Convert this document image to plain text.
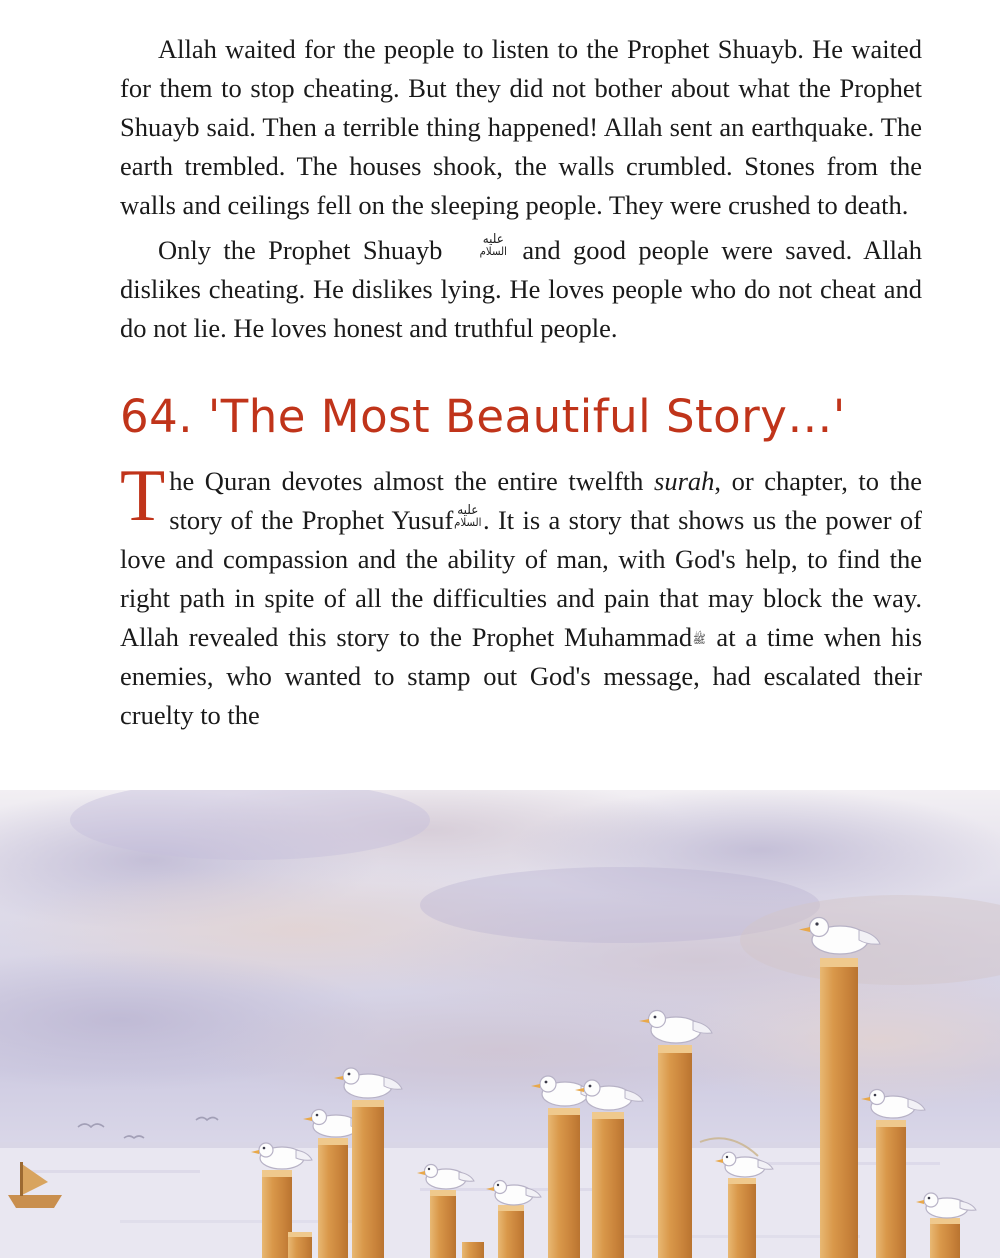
Allah waited for the people to listen to the Prophet Shuayb. He waited for them to stop cheating. But they did not bother about what the Prophet Shuayb said. Then a terrible thing happened! Allah sent an earthquake. The earth trembled. The houses shook, the walls crumbled. Stones from the walls and ceilings fell on the sleeping people. They were crushed to death.

Only the Prophet Shuayb	عليه
السلام and good people were saved. Allah dislikes cheating. He dislikes lying. He loves people who do not cheat and do not lie. He loves honest and truthful people.

64. 'The Most Beautiful Story…'

The Quran devotes almost the entire twelfth surah, or chapter, to the story of the Prophet Yusuf عليه
السلام . It is a story that shows us the power of love and compassion and the ability of man, with God's help, to find the right path in spite of all the difficulties and pain that may block the way. Allah revealed this story to the Prophet Muhammadﷺ at a time when his enemies, who wanted to stamp out God's message, had escalated their cruelty to the
